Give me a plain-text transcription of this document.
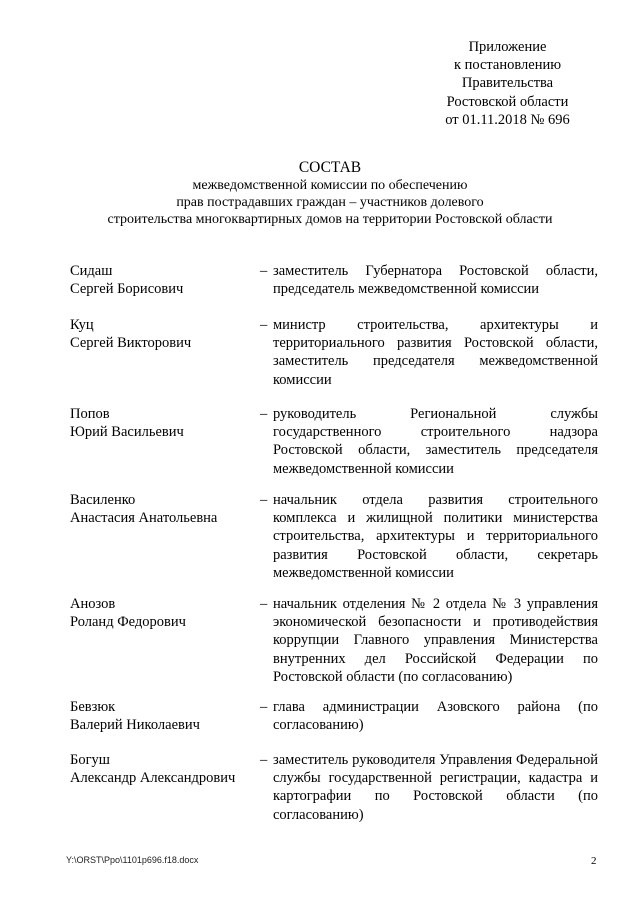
Приложение
к постановлению
Правительства
Ростовской области
от 01.11.2018 № 696
СОСТАВ
межведомственной комиссии по обеспечению
прав пострадавших граждан – участников долевого
строительства многоквартирных домов на территории Ростовской области
Сидаш
Сергей Борисович
– заместитель Губернатора Ростовской области, председатель межведомственной комиссии
Куц
Сергей Викторович
– министр строительства, архитектуры и территориального развития Ростовской области, заместитель председателя межведомственной комиссии
Попов
Юрий Васильевич
– руководитель Региональной службы государственного строительного надзора Ростовской области, заместитель председателя межведомственной комиссии
Василенко
Анастасия Анатольевна
– начальник отдела развития строительного комплекса и жилищной политики министерства строительства, архитектуры и территориального развития Ростовской области, секретарь межведомственной комиссии
Анозов
Роланд Федорович
– начальник отделения № 2 отдела № 3 управления экономической безопасности и противодействия коррупции Главного управления Министерства внутренних дел Российской Федерации по Ростовской области (по согласованию)
Бевзюк
Валерий Николаевич
– глава администрации Азовского района (по согласованию)
Богуш
Александр Александрович
– заместитель руководителя Управления Федеральной службы государственной регистрации, кадастра и картографии по Ростовской области (по согласованию)
Y:\ORST\Ppo\1101p696.f18.docx	2
